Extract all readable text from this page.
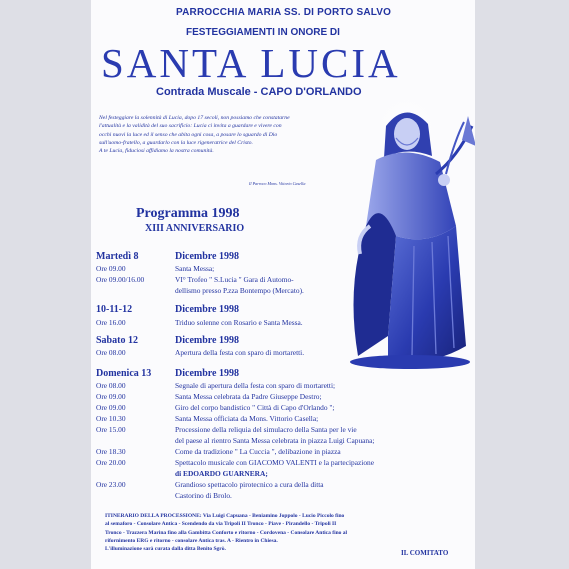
PARROCCHIA MARIA SS. DI PORTO SALVO
FESTEGGIAMENTI IN ONORE DI
SANTA LUCIA
Contrada Muscale - CAPO D'ORLANDO

Nel festeggiare la solennità di Lucia, dopo 17 secoli, non possiamo che constatarne

l'attualità e la validità del suo sacrificio: Lucia ci invita a guardare e vivere con

occhi nuovi la luce ed il senso che abita ogni cosa, a posare lo sguardo di Dio

sull'uomo-fratello, a guardarlo con la luce rigeneratrice del Cristo.

A te Lucia, fiduciosi affidiamo la nostra comunità.

Il Parroco Mons. Vittorio Casella
Programma 1998
XIII ANNIVERSARIO
Martedì 8	Dicembre 1998
Ore 09.00	Santa Messa;
Ore 09.00/16.00	VI° Trofeo " S.Lucia " Gara di Automo-
dellismo presso P.zza Bontempo (Mercato).
10-11-12	Dicembre 1998
Ore 16.00	Triduo solenne con Rosario e Santa Messa.
Sabato 12	Dicembre 1998
Ore 08.00	Apertura della festa con sparo di mortaretti.
Domenica 13 Dicembre 1998
Ore 08.00	Segnale di apertura della festa con sparo di mortaretti;
Ore 09.00	Santa Messa celebrata da Padre Giuseppe Destro;
Ore 09.00	Giro del corpo bandistico " Città di Capo d'Orlando ";
Ore 10.30	Santa Messa officiata da Mons. Vittorio Casella;
Ore 15.00	Processione della reliquia del simulacro della Santa per le vie
del paese al rientro Santa Messa celebrata in piazza Luigi Capuana;
Ore 18.30	Come da tradizione " La Cuccia ", delibazione in piazza
Ore 20.00	Spettacolo musicale con GIACOMO VALENTI e la partecipazione
di EDOARDO GUARNERA;
Ore 23.00	Grandioso spettacolo pirotecnico a cura della ditta
Castorino di Brolo.
ITINERARIO DELLA PROCESSIONE: Via Luigi Capuana - Beniamino Joppolo - Lucio Piccolo fino
al semaforo - Consolare Antica - Scendendo da via Tripoli II Tronco - Piave - Pirandello - Tripoli II
Tronco - Trazzera Marina fino alla Gambitta Conforto e ritorno - Cordovena - Consolare Antica fino al
rifornimento ERG e ritorno - consolare Antica tras. A - Rientro in Chiesa.
L'illuminazione sarà curata dalla ditta Benito Sgrò.	IL COMITATO
